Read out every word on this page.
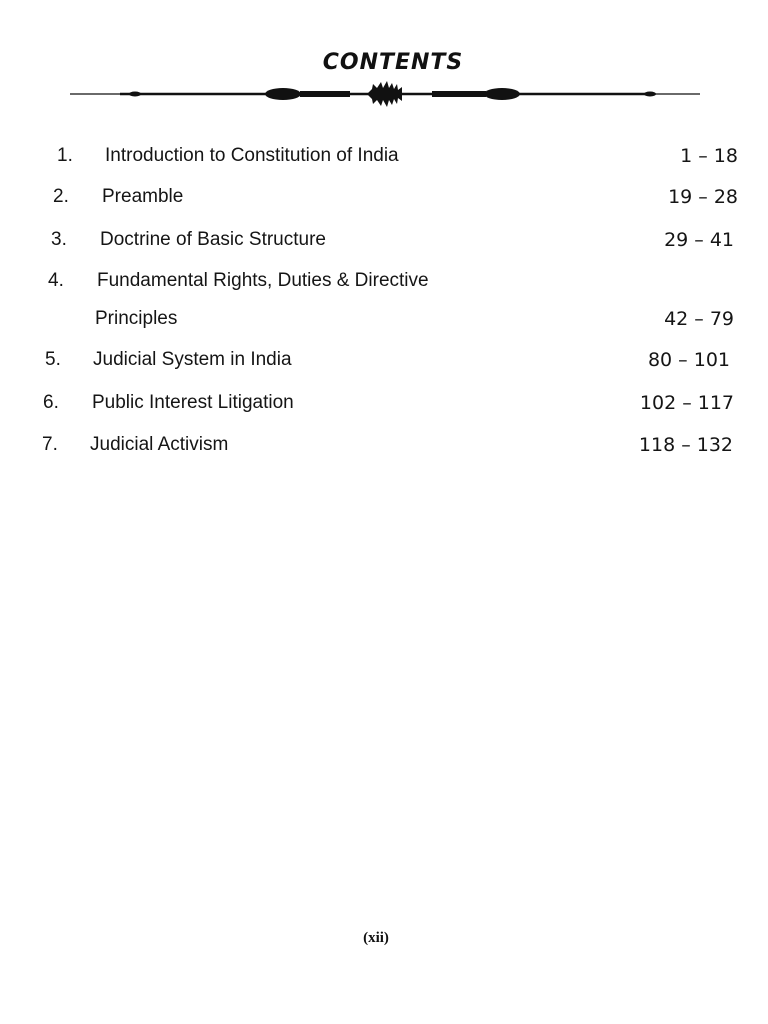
CONTENTS
1. Introduction to Constitution of India	1 – 18
2. Preamble	19 – 28
3. Doctrine of Basic Structure	29 – 41
4. Fundamental Rights, Duties & Directive
Principles	42 – 79
5. Judicial System in India	80 – 101
6. Public Interest Litigation	102 – 117
7. Judicial Activism	118 – 132
(xii)
